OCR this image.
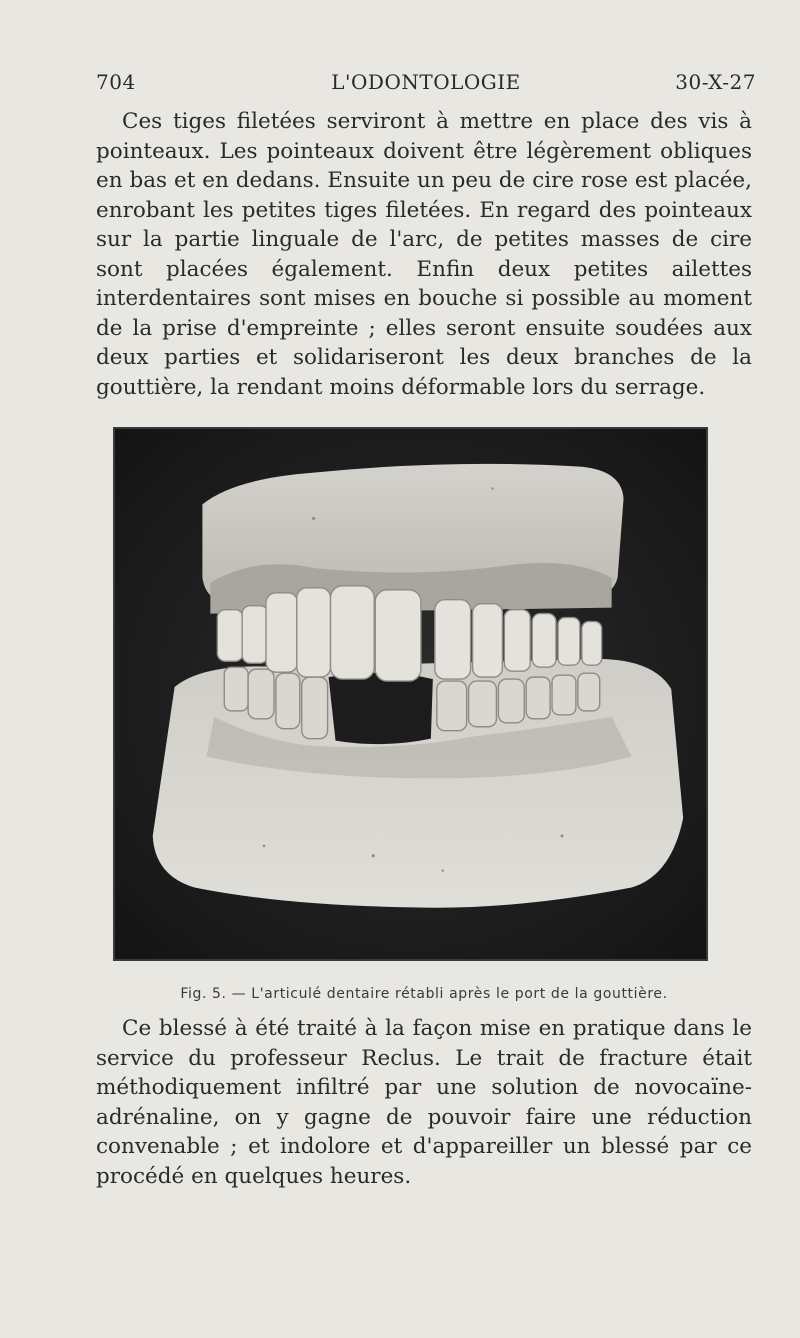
704	L'ODONTOLOGIE	30-X-27

Ces tiges filetées serviront à mettre en place des vis à pointeaux. Les pointeaux doivent être légèrement obliques en bas et en dedans. Ensuite un peu de cire rose est placée, enrobant les petites tiges filetées. En regard des pointeaux sur la partie linguale de l'arc, de petites masses de cire sont placées également. Enfin deux petites ailettes interdentaires sont mises en bouche si possible au moment de la prise d'empreinte ; elles seront ensuite soudées aux deux parties et solidariseront les deux branches de la gouttière, la rendant moins déformable lors du serrage.

Fig. 5. — L'articulé dentaire rétabli après le port de la gouttière.

Ce blessé à été traité à la façon mise en pratique dans le service du professeur Reclus. Le trait de fracture était méthodiquement infiltré par une solution de novocaïne-adrénaline, on y gagne de pouvoir faire une réduction convenable ; et indolore et d'appareiller un blessé par ce procédé en quelques heures.
